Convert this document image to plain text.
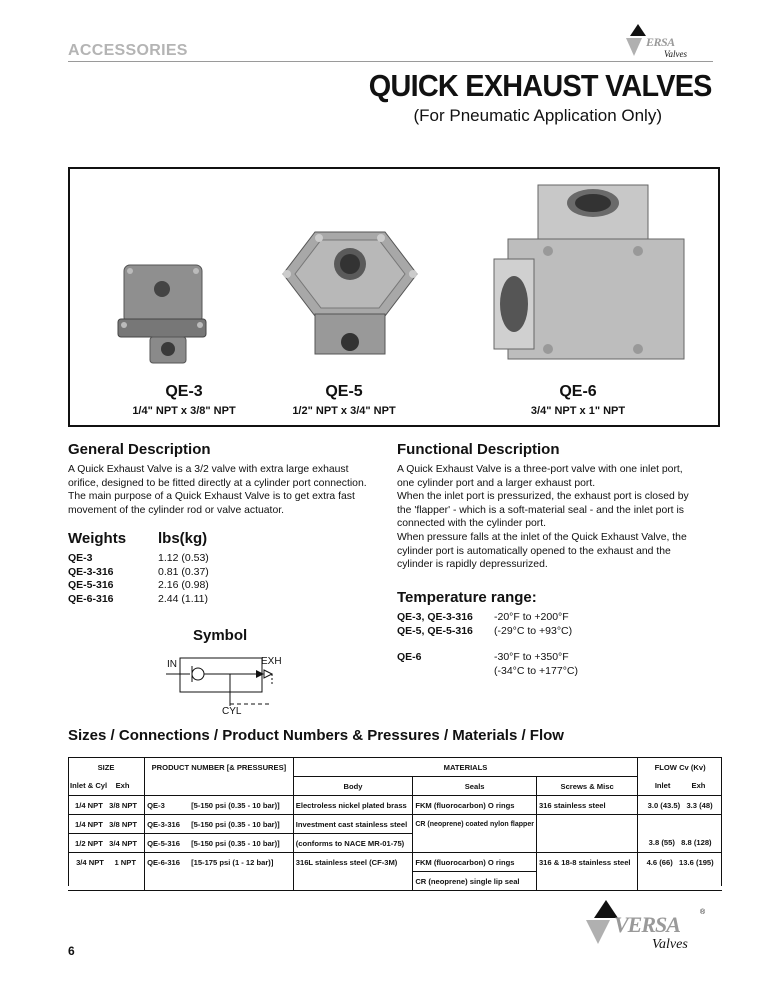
ACCESSORIES	ERSA
Valves
QUICK EXHAUST VALVES
(For Pneumatic Application Only)
QE-3
1/4" NPT x 3/8" NPT
QE-5
1/2" NPT x 3/4" NPT
QE-6
3/4" NPT x 1" NPT
General Description
A Quick Exhaust Valve is a 3/2 valve with extra large exhaust
orifice, designed to be fitted directly at a cylinder port connection.
The main purpose of a Quick Exhaust Valve is to get extra fast
movement of the cylinder rod or valve actuator.
Weights lbs(kg)
QE-3	1.12 (0.53)
QE-3-316	0.81 (0.37)
QE-5-316	2.16 (0.98)
QE-6-316	2.44 (1.11)
Symbol
IN	EXH
CYL
Functional Description
A Quick Exhaust Valve is a three-port valve with one inlet port,
one cylinder port and a larger exhaust port.
When the inlet port is pressurized, the exhaust port is closed by
the 'flapper' - which is a soft-material seal - and the inlet port is
connected with the cylinder port.
When pressure falls at the inlet of the Quick Exhaust Valve, the
cylinder port is automatically opened to the exhaust and the
cylinder is rapidly depressurized.
Temperature range:
QE-3, QE-3-316 -20°F to +200°F
QE-5, QE-5-316 (-29°C to +93°C)
QE-6	-30°F to +350°F
(-34°C to +177°C)
Sizes / Connections / Product Numbers & Pressures / Materials / Flow
SIZE	PRODUCT NUMBER [& PRESSURES]	MATERIALS			FLOW Cv (Kv)
Inlet & Cyl    Exh		Body	Seals	Screws & Misc	Inlet          Exh
1/4 NPT   3/8 NPT	QE-3 [5-150 psi (0.35 - 10 bar)]	Electroless nickel plated brass	FKM (fluorocarbon) O rings	316 stainless steel	3.0 (43.5)   3.3 (48)
1/4 NPT   3/8 NPT	QE-3-316 [5-150 psi (0.35 - 10 bar)]	Investment cast stainless steel	CR (neoprene) coated nylon flapper		
1/2 NPT   3/4 NPT	QE-5-316 [5-150 psi (0.35 - 10 bar)]	(conforms to NACE MR-01-75)			3.8 (55)   8.8 (128)
3/4 NPT     1 NPT	QE-6-316 [15-175 psi (1 - 12 bar)]	316L stainless steel (CF-3M)	FKM (fluorocarbon) O rings	316 & 18-8 stainless steel	4.6 (66)   13.6 (195)
			CR (neoprene) single lip seal		
6
VERSA
Valves
®
